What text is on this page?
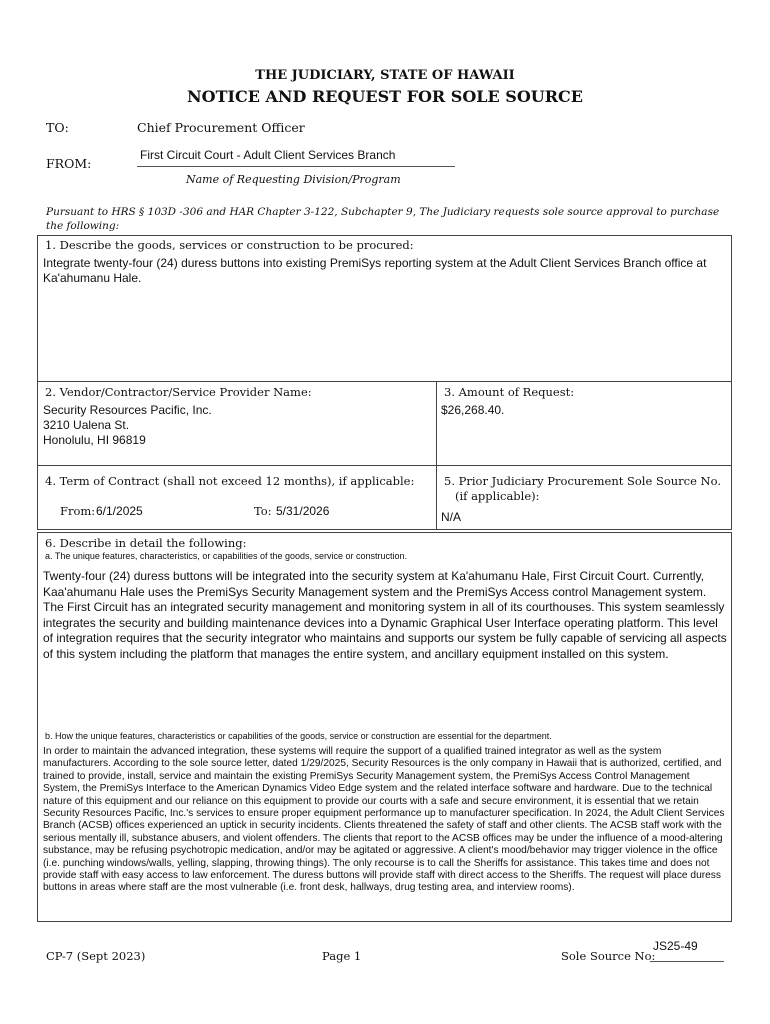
THE JUDICIARY, STATE OF HAWAII
NOTICE AND REQUEST FOR SOLE SOURCE
TO:	Chief Procurement Officer
FROM:
First Circuit Court - Adult Client Services Branch
Name of Requesting Division/Program
Pursuant to HRS § 103D -306 and HAR Chapter 3-122, Subchapter 9, The Judiciary requests sole source approval to purchase the following:
1. Describe the goods, services or construction to be procured:
Integrate twenty-four (24) duress buttons into existing PremiSys reporting system at the Adult Client Services Branch office at Ka'ahumanu Hale.
2. Vendor/Contractor/Service Provider Name:
Security Resources Pacific, Inc.
3210 Ualena St.
Honolulu, HI 96819
3. Amount of Request:
$26,268.40.
4. Term of Contract (shall not exceed 12 months), if applicable:
From: 6/1/2025	To: 5/31/2026
5. Prior Judiciary Procurement Sole Source No.
(if applicable):
N/A
6. Describe in detail the following:
a. The unique features, characteristics, or capabilities of the goods, service or construction.
Twenty-four (24) duress buttons will be integrated into the security system at Ka'ahumanu Hale, First Circuit Court. Currently, Kaa'ahumanu Hale uses the PremiSys Security Management system and the PremiSys Access control Management system. The First Circuit has an integrated security management and monitoring system in all of its courthouses. This system seamlessly integrates the security and building maintenance devices into a Dynamic Graphical User Interface operating platform. This level of integration requires that the security integrator who maintains and supports our system be fully capable of servicing all aspects of this system including the platform that manages the entire system, and ancillary equipment installed on this system.
b. How the unique features, characteristics or capabilities of the goods, service or construction are essential for the department.
In order to maintain the advanced integration, these systems will require the support of a qualified trained integrator as well as the system manufacturers. According to the sole source letter, dated 1/29/2025, Security Resources is the only company in Hawaii that is authorized, certified, and trained to provide, install, service and maintain the existing PremiSys Security Management system, the PremiSys Access Control Management System, the PremiSys Interface to the American Dynamics Video Edge system and the related interface software and hardware. Due to the technical nature of this equipment and our reliance on this equipment to provide our courts with a safe and secure environment, it is essential that we retain Security Resources Pacific, Inc.'s services to ensure proper equipment performance up to manufacturer specification. In 2024, the Adult Client Services Branch (ACSB) offices experienced an uptick in security incidents. Clients threatened the safety of staff and other clients. The ACSB staff work with the serious mentally ill, substance abusers, and violent offenders. The clients that report to the ACSB offices may be under the influence of a mood-altering substance, may be refusing psychotropic medication, and/or may be agitated or aggressive. A client's mood/behavior may trigger violence in the office (i.e. punching windows/walls, yelling, slapping, throwing things). The only recourse is to call the Sheriffs for assistance. This takes time and does not provide staff with easy access to law enforcement. The duress buttons will provide staff with direct access to the Sheriffs. The request will place duress buttons in areas where staff are the most vulnerable (i.e. front desk, hallways, drug testing area, and interview rooms).
CP-7 (Sept 2023)	Page 1	Sole Source No:
JS25-49
